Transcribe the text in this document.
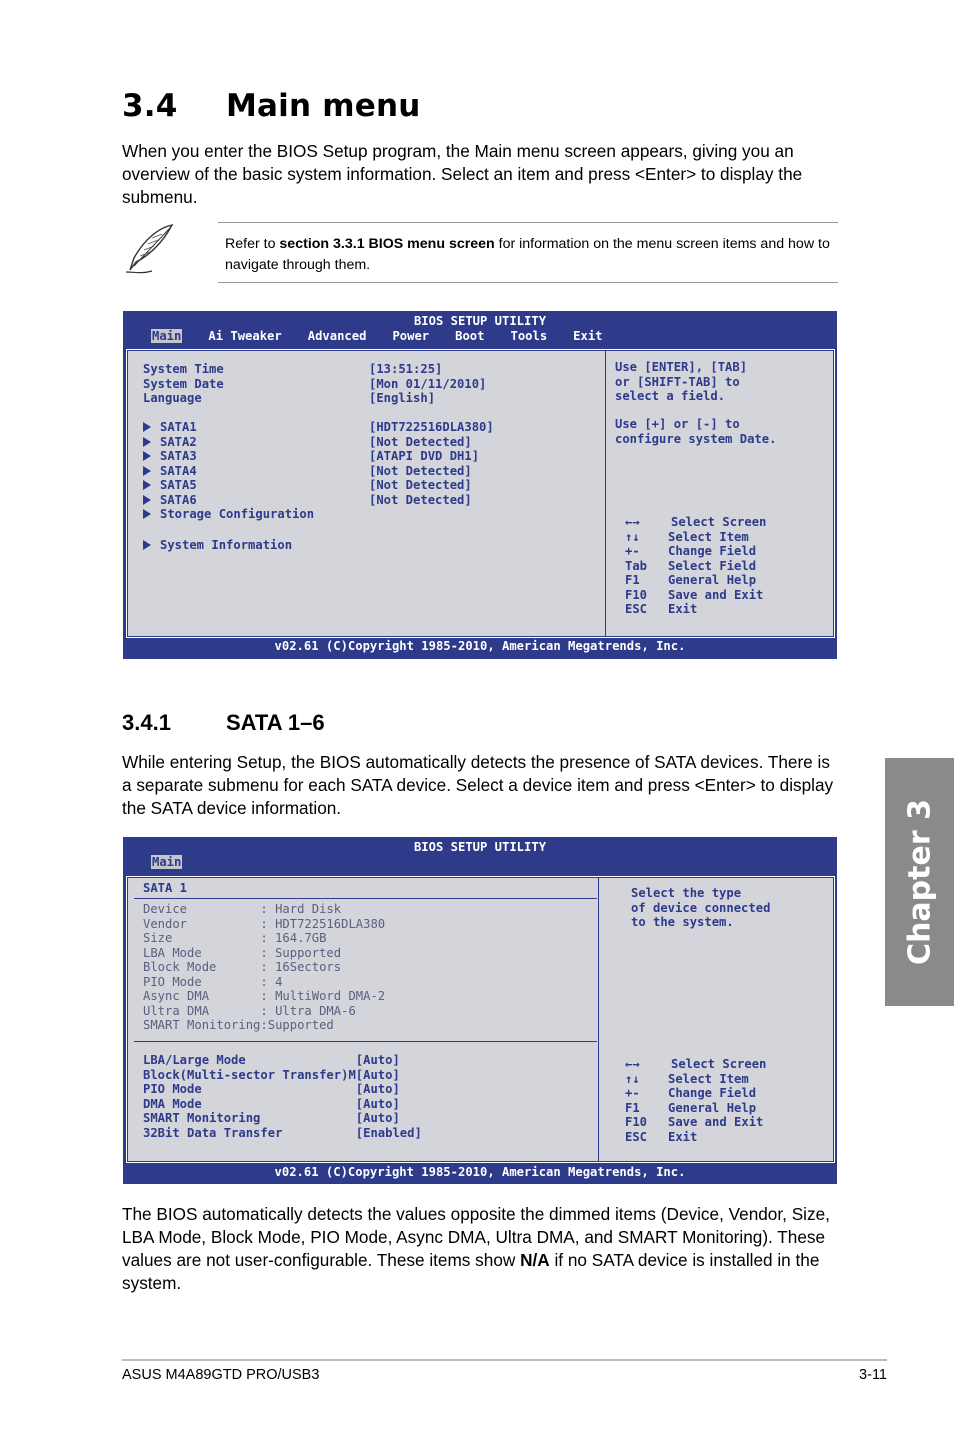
3.4 Main menu

When you enter the BIOS Setup program, the Main menu screen appears, giving you an overview of the basic system information. Select an item and press <Enter> to display the submenu.

Refer to section 3.3.1 BIOS menu screen for information on the menu screen items and how to navigate through them.
BIOS SETUP UTILITY
Main Ai Tweaker Advanced Power Boot Tools Exit
System Time	[13:51:25]
System Date	[Mon 01/11/2010]
Language	[English]
SATA1	[HDT722516DLA380]
SATA2	[Not Detected]
SATA3	[ATAPI DVD DH1]
SATA4	[Not Detected]
SATA5	[Not Detected]
SATA6	[Not Detected]
Storage Configuration
System Information
Use [ENTER], [TAB]
or [SHIFT-TAB] to
select a field.
Use [+] or [-] to
configure system Date.
←→	Select Screen
↑↓ Select Item
+- Change Field
Tab Select Field
F1 General Help
F10 Save and Exit
ESC Exit
v02.61 (C)Copyright 1985-2010, American Megatrends, Inc.
3.4.1	SATA 1–6

While entering Setup, the BIOS automatically detects the presence of SATA devices. There is a separate submenu for each SATA device. Select a device item and press <Enter> to display the SATA device information.

BIOS SETUP UTILITY
Main
SATA 1
Device          : Hard Disk
Vendor          : HDT722516DLA380
Size            : 164.7GB
LBA Mode        : Supported
Block Mode      : 16Sectors
PIO Mode        : 4
Async DMA       : MultiWord DMA-2
Ultra DMA       : Ultra DMA-6
SMART Monitoring:Supported
LBA/Large Mode               [Auto]
Block(Multi-sector Transfer)M[Auto]
PIO Mode                     [Auto]
DMA Mode                     [Auto]
SMART Monitoring             [Auto]
32Bit Data Transfer          [Enabled]
Select the type
of device connected
to the system.
←→	Select Screen
↑↓ Select Item
+- Change Field
F1 General Help
F10 Save and Exit
ESC Exit
v02.61 (C)Copyright 1985-2010, American Megatrends, Inc.

The BIOS automatically detects the values opposite the dimmed items (Device, Vendor, Size, LBA Mode, Block Mode, PIO Mode, Async DMA, Ultra DMA, and SMART Monitoring). These values are not user-configurable. These items show N/A if no SATA device is installed in the system.

Chapter 3
ASUS M4A89GTD PRO/USB3	3-11
